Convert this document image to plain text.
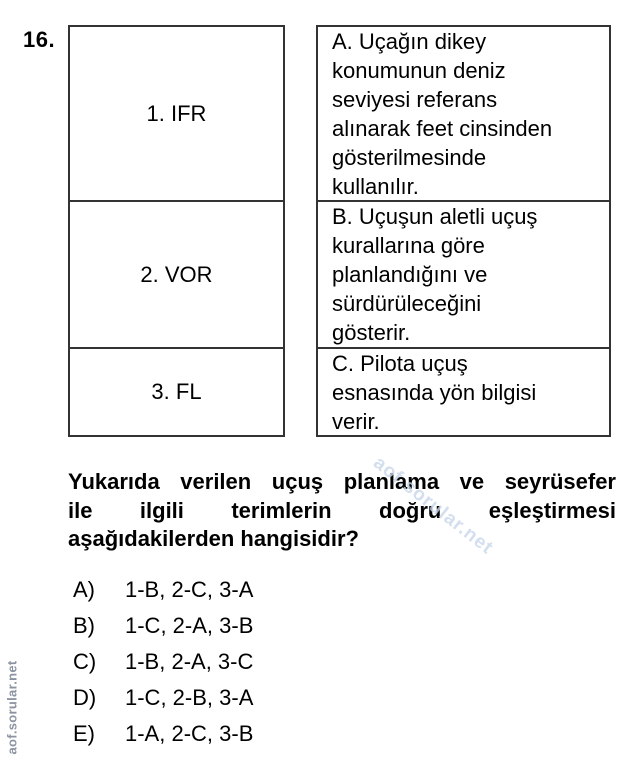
16.
1. IFR
2. VOR
3. FL
A. Uçağın dikey
konumunun deniz
seviyesi referans
alınarak feet cinsinden
gösterilmesinde
kullanılır.
B. Uçuşun aletli uçuş
kurallarına göre
planlandığını ve
sürdürüleceğini
gösterir.
C. Pilota uçuş
esnasında yön bilgisi
verir.
Yukarıda verilen uçuş planlama ve seyrüsefer
ile ilgili terimlerin doğru eşleştirmesi
aşağıdakilerden hangisidir?
A) 1-B, 2-C, 3-A
B) 1-C, 2-A, 3-B
C) 1-B, 2-A, 3-C
D) 1-C, 2-B, 3-A
E) 1-A, 2-C, 3-B
aof.sorular.net
aof.sorular.net
